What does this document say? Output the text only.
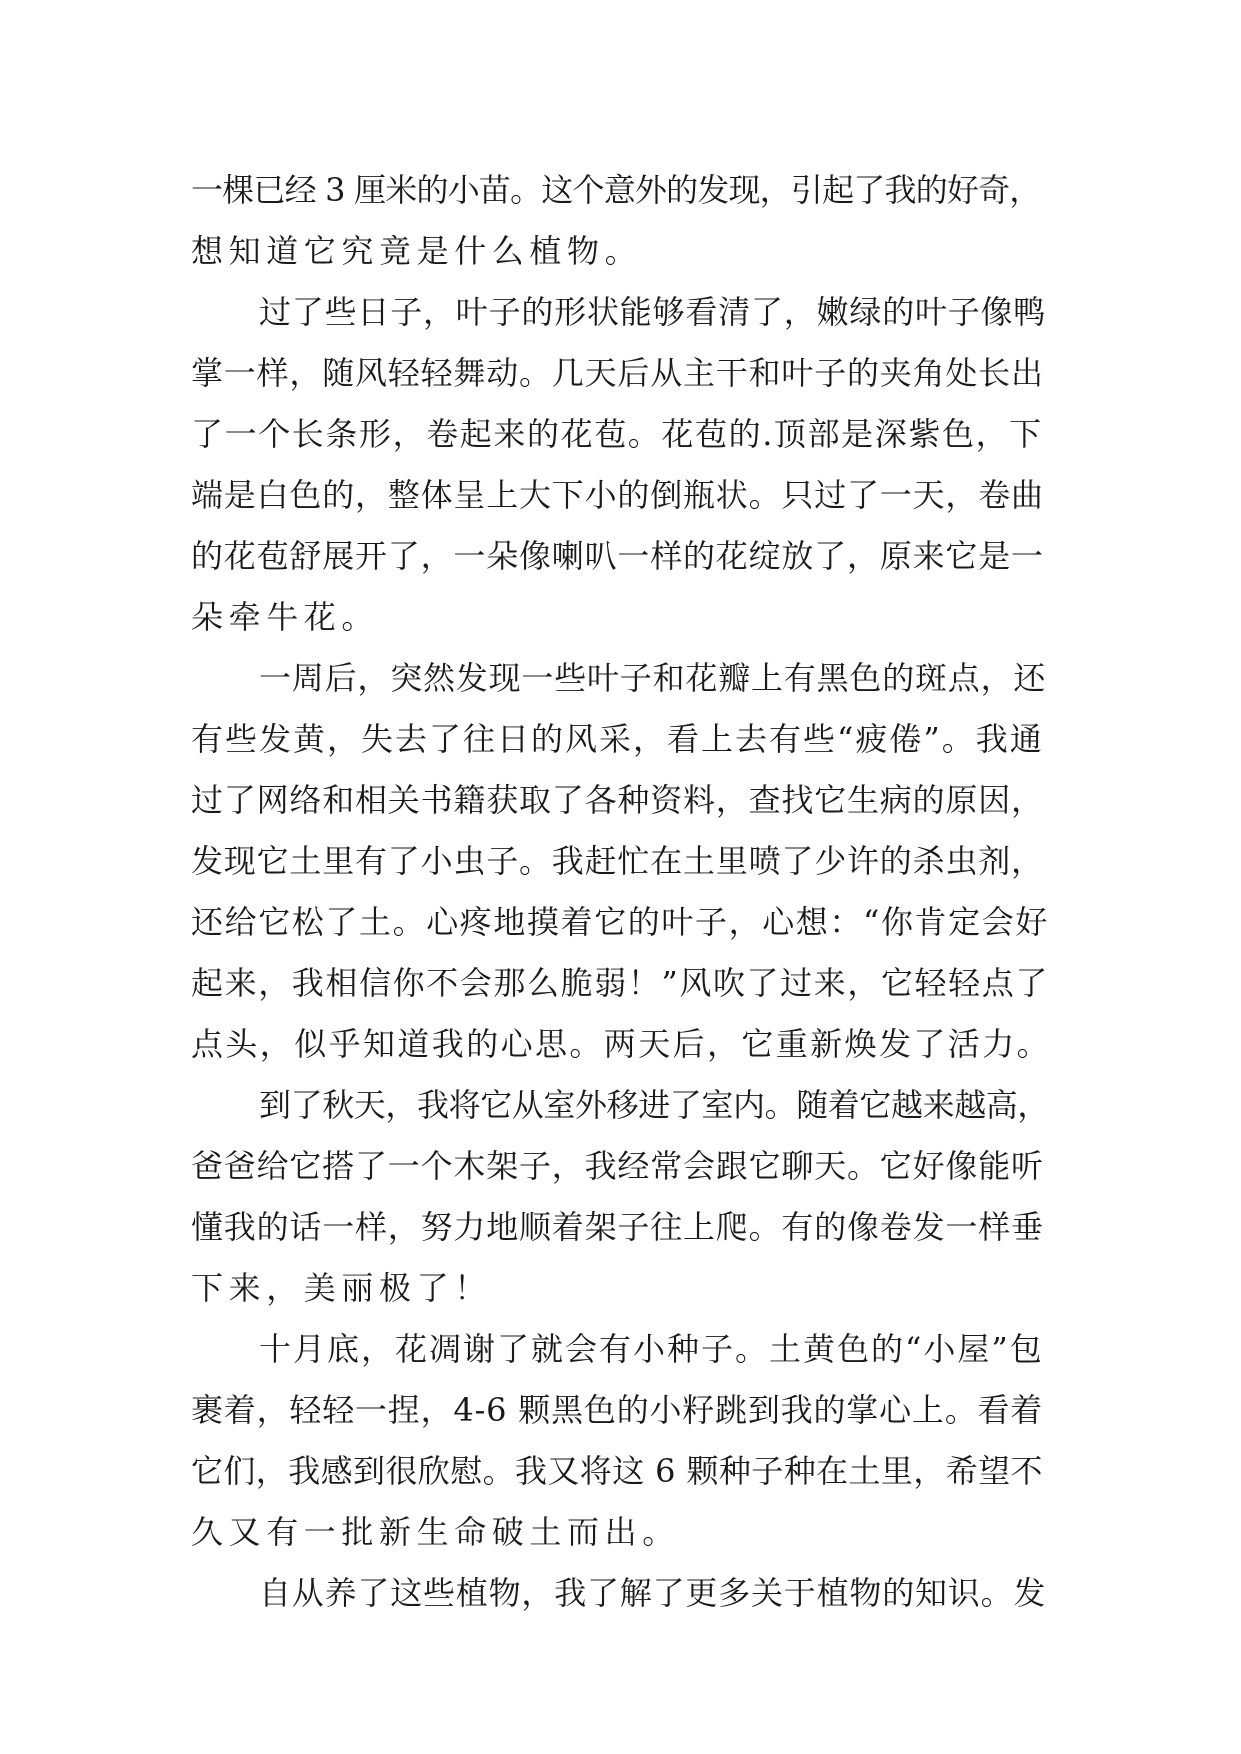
一棵已经 3 厘米的小苗。这个意外的发现，引起了我的好奇，
想知道它究竟是什么植物。

过了些日子，叶子的形状能够看清了，嫩绿的叶子像鸭
掌一样，随风轻轻舞动。几天后从主干和叶子的夹角处长出
了一个长条形，卷起来的花苞。花苞的.顶部是深紫色，下
端是白色的，整体呈上大下小的倒瓶状。只过了一天，卷曲
的花苞舒展开了，一朵像喇叭一样的花绽放了，原来它是一
朵牵牛花。

一周后，突然发现一些叶子和花瓣上有黑色的斑点，还
有些发黄，失去了往日的风采，看上去有些“疲倦”。我通
过了网络和相关书籍获取了各种资料，查找它生病的原因，
发现它土里有了小虫子。我赶忙在土里喷了少许的杀虫剂，
还给它松了土。心疼地摸着它的叶子，心想：“你肯定会好
起来，我相信你不会那么脆弱！”风吹了过来，它轻轻点了
点头，似乎知道我的心思。两天后，它重新焕发了活力。

到了秋天，我将它从室外移进了室内。随着它越来越高，
爸爸给它搭了一个木架子，我经常会跟它聊天。它好像能听
懂我的话一样，努力地顺着架子往上爬。有的像卷发一样垂
下来，美丽极了！

十月底，花凋谢了就会有小种子。土黄色的“小屋”包
裹着，轻轻一捏，4-6 颗黑色的小籽跳到我的掌心上。看着
它们，我感到很欣慰。我又将这 6 颗种子种在土里，希望不
久又有一批新生命破土而出。

自从养了这些植物，我了解了更多关于植物的知识。发
